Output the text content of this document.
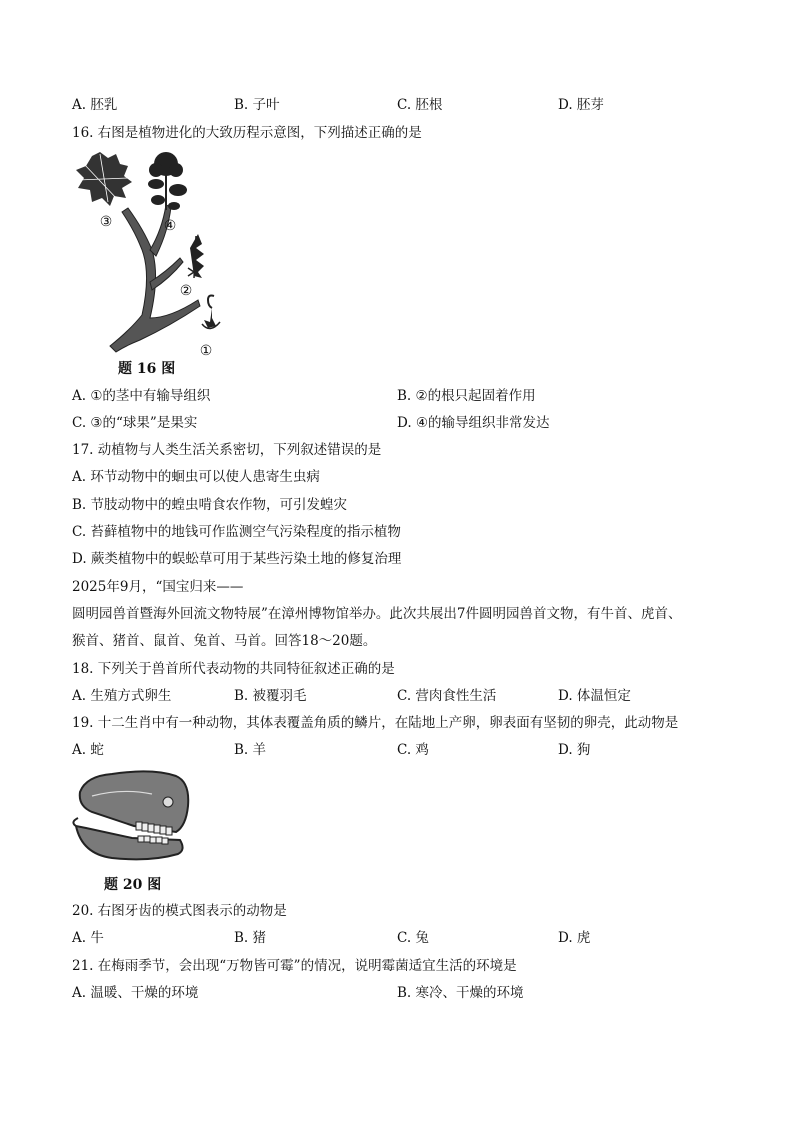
A. 胚乳	B. 子叶	C. 胚根	D. 胚芽
16. 右图是植物进化的大致历程示意图，下列描述正确的是
③	④
②
①
题 16 图
A. ①的茎中有输导组织	B. ②的根只起固着作用
C. ③的“球果”是果实	D. ④的输导组织非常发达
17. 动植物与人类生活关系密切，下列叙述错误的是
A. 环节动物中的蛔虫可以使人患寄生虫病
B. 节肢动物中的蝗虫啃食农作物，可引发蝗灾
C. 苔藓植物中的地钱可作监测空气污染程度的指示植物
D. 蕨类植物中的蜈蚣草可用于某些污染土地的修复治理
2025年9月，“国宝归来——
圆明园兽首暨海外回流文物特展”在漳州博物馆举办。此次共展出7件圆明园兽首文物，有牛首、虎首、
猴首、猪首、鼠首、兔首、马首。回答18～20题。
18. 下列关于兽首所代表动物的共同特征叙述正确的是
A. 生殖方式卵生	B. 被覆羽毛	C. 营肉食性生活	D. 体温恒定
19. 十二生肖中有一种动物，其体表覆盖角质的鳞片，在陆地上产卵，卵表面有坚韧的卵壳，此动物是
A. 蛇	B. 羊	C. 鸡	D. 狗
题 20 图
20. 右图牙齿的模式图表示的动物是
A. 牛	B. 猪	C. 兔	D. 虎
21. 在梅雨季节，会出现“万物皆可霉”的情况，说明霉菌适宜生活的环境是
A. 温暖、干燥的环境	B. 寒冷、干燥的环境
